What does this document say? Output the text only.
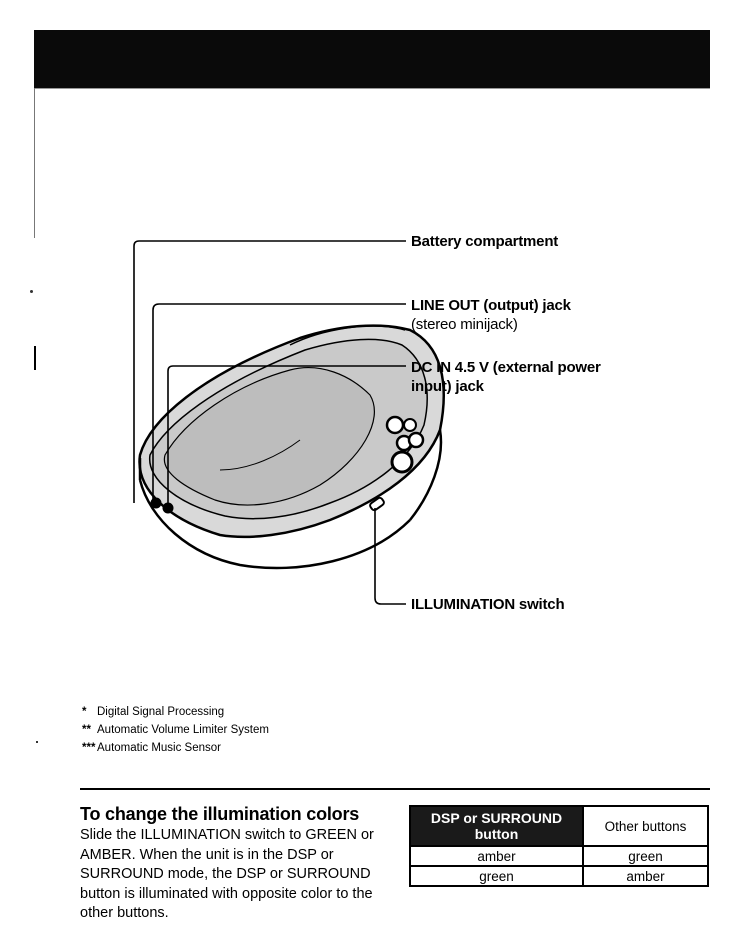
Battery compartment
LINE OUT (output) jack
(stereo minijack)
DC IN 4.5 V (external power
input) jack
ILLUMINATION switch
* Digital Signal Processing
** Automatic Volume Limiter System
*** Automatic Music Sensor
To change the illumination colors
Slide the ILLUMINATION switch to GREEN or AMBER. When the unit is in the DSP or SURROUND mode, the DSP or SURROUND button is illuminated with opposite color to the other buttons.
DSP or SURROUND button	Other buttons
amber	green
green	amber
